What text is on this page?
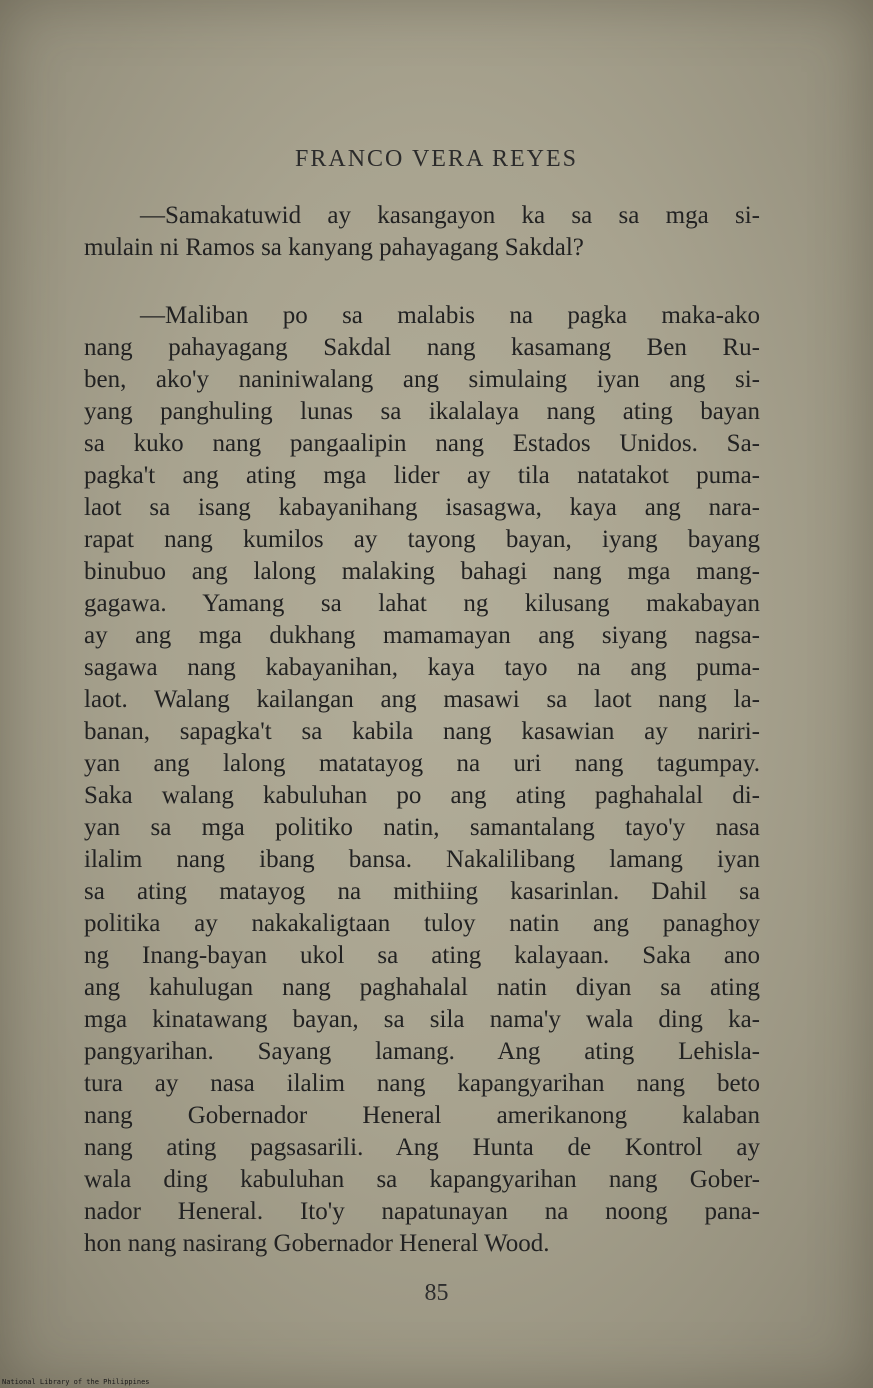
FRANCO VERA REYES
—Samakatuwid ay kasangayon ka sa sa mga si-
mulain ni Ramos sa kanyang pahayagang Sakdal?
—Maliban po sa malabis na pagka maka-ako
nang pahayagang Sakdal nang kasamang Ben Ru-
ben, ako'y naniniwalang ang simulaing iyan ang si-
yang panghuling lunas sa ikalalaya nang ating bayan
sa kuko nang pangaalipin nang Estados Unidos. Sa-
pagka't ang ating mga lider ay tila natatakot puma-
laot sa isang kabayanihang isasagwa, kaya ang nara-
rapat nang kumilos ay tayong bayan, iyang bayang
binubuo ang lalong malaking bahagi nang mga mang-
gagawa. Yamang sa lahat ng kilusang makabayan
ay ang mga dukhang mamamayan ang siyang nagsa-
sagawa nang kabayanihan, kaya tayo na ang puma-
laot. Walang kailangan ang masawi sa laot nang la-
banan, sapagka't sa kabila nang kasawian ay nariri-
yan ang lalong matatayog na uri nang tagumpay.
Saka walang kabuluhan po ang ating paghahalal di-
yan sa mga politiko natin, samantalang tayo'y nasa
ilalim nang ibang bansa. Nakalilibang lamang iyan
sa ating matayog na mithiing kasarinlan. Dahil sa
politika ay nakakaligtaan tuloy natin ang panaghoy
ng Inang-bayan ukol sa ating kalayaan. Saka ano
ang kahulugan nang paghahalal natin diyan sa ating
mga kinatawang bayan, sa sila nama'y wala ding ka-
pangyarihan. Sayang lamang. Ang ating Lehisla-
tura ay nasa ilalim nang kapangyarihan nang beto
nang Gobernador Heneral amerikanong kalaban
nang ating pagsasarili. Ang Hunta de Kontrol ay
wala ding kabuluhan sa kapangyarihan nang Gober-
nador Heneral. Ito'y napatunayan na noong pana-
hon nang nasirang Gobernador Heneral Wood.
85
National Library of the Philippines
